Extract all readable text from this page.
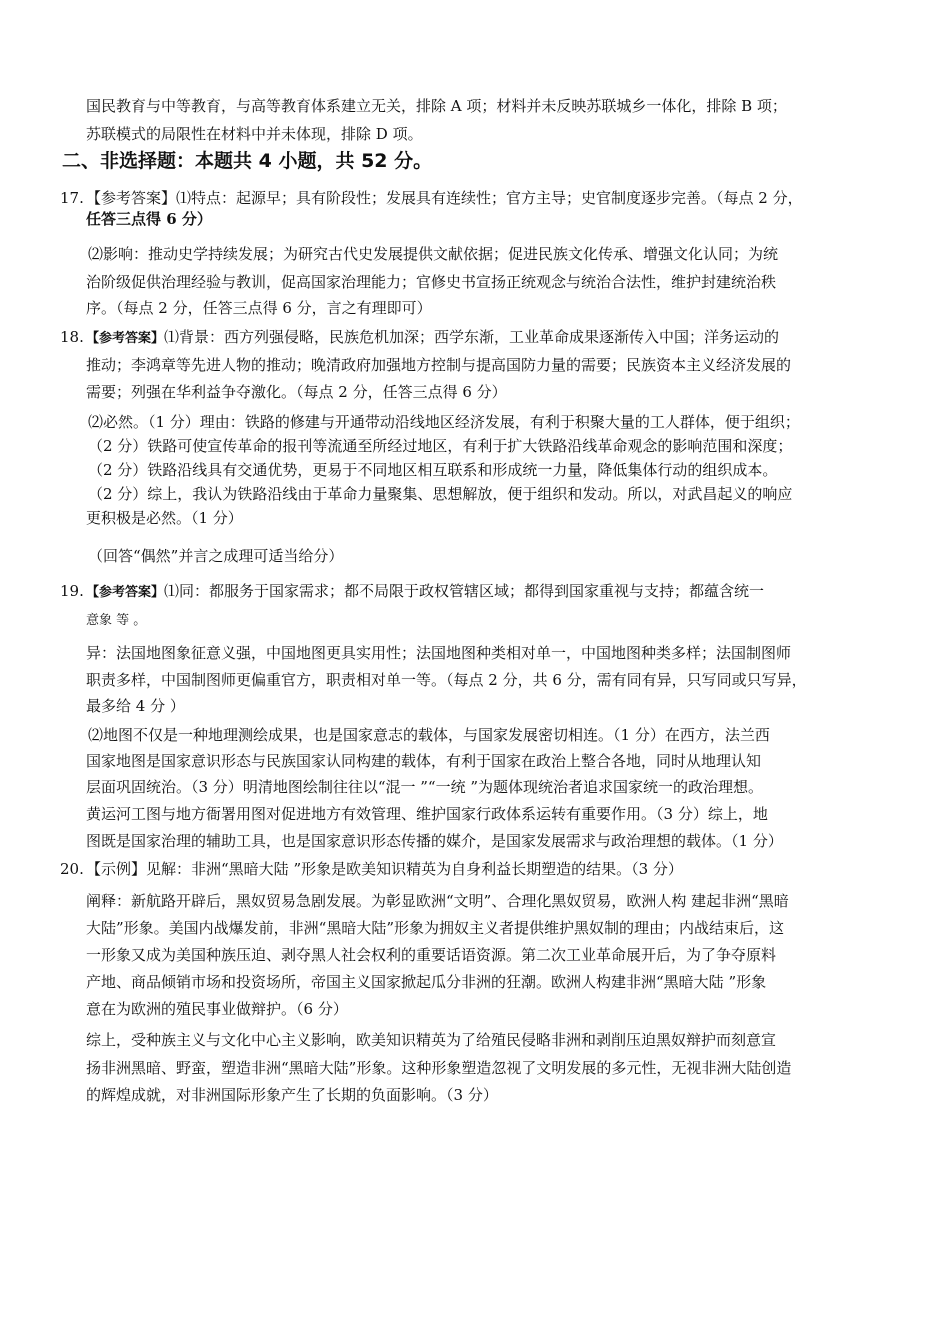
国民教育与中等教育，与高等教育体系建立无关，排除 A 项；材料并未反映苏联城乡一体化，排除 B 项；
苏联模式的局限性在材料中并未体现，排除 D 项。
二、非选择题：本题共 4 小题，共 52 分。
17. 【参考答案】⑴特点：起源早；具有阶段性；发展具有连续性；官方主导；史官制度逐步完善。（每点 2 分，
任答三点得 6 分）
⑵影响：推动史学持续发展；为研究古代史发展提供文献依据；促进民族文化传承、增强文化认同；为统
治阶级促供治理经验与教训，促高国家治理能力；官修史书宣扬正统观念与统治合法性，维护封建统治秩
序。（每点 2 分，任答三点得 6 分，言之有理即可）
18. 【参考答案】⑴背景：西方列强侵略，民族危机加深；西学东渐，工业革命成果逐渐传入中国；洋务运动的
推动；李鸿章等先进人物的推动；晚清政府加强地方控制与提高国防力量的需要；民族资本主义经济发展的
需要；列强在华利益争夺激化。（每点 2 分，任答三点得 6 分）
⑵必然。（1 分）理由：铁路的修建与开通带动沿线地区经济发展，有利于积聚大量的工人群体，便于组织；
（2 分）铁路可使宣传革命的报刊等流通至所经过地区，有利于扩大铁路沿线革命观念的影响范围和深度；
（2 分）铁路沿线具有交通优势，更易于不同地区相互联系和形成统一力量，降低集体行动的组织成本。
（2 分）综上，我认为铁路沿线由于革命力量聚集、思想解放，便于组织和发动。所以，对武昌起义的响应
更积极是必然。（1 分）
（回答“偶然”并言之成理可适当给分）
19. 【参考答案】⑴同：都服务于国家需求；都不局限于政权管辖区域；都得到国家重视与支持；都蕴含统一
意象 等 。
异：法国地图象征意义强，中国地图更具实用性；法国地图种类相对单一，中国地图种类多样；法国制图师
职责多样，中国制图师更偏重官方，职责相对单一等。（每点 2 分，共 6 分，需有同有异，只写同或只写异，
最多给 4 分 ）
⑵地图不仅是一种地理测绘成果，也是国家意志的载体，与国家发展密切相连。（1 分）在西方，法兰西
国家地图是国家意识形态与民族国家认同构建的载体，有利于国家在政治上整合各地，同时从地理认知
层面巩固统治。（3 分）明清地图绘制往往以“混一 ”“一统 ”为题体现统治者追求国家统一的政治理想。
黄运河工图与地方衙署用图对促进地方有效管理、维护国家行政体系运转有重要作用。（3 分）综上，地
图既是国家治理的辅助工具，也是国家意识形态传播的媒介，是国家发展需求与政治理想的载体。（1 分）
20. 【示例】见解：非洲“黑暗大陆 ”形象是欧美知识精英为自身利益长期塑造的结果。（3 分）
阐释：新航路开辟后，黑奴贸易急剧发展。为彰显欧洲“文明”、合理化黑奴贸易，欧洲人构 建起非洲“黑暗
大陆”形象。美国内战爆发前，非洲“黑暗大陆”形象为拥奴主义者提供维护黑奴制的理由；内战结束后，这
一形象又成为美国种族压迫、剥夺黑人社会权利的重要话语资源。第二次工业革命展开后，为了争夺原料
产地、商品倾销市场和投资场所，帝国主义国家掀起瓜分非洲的狂潮。欧洲人构建非洲“黑暗大陆 ”形象
意在为欧洲的殖民事业做辩护。（6 分）
综上，受种族主义与文化中心主义影响，欧美知识精英为了给殖民侵略非洲和剥削压迫黑奴辩护而刻意宣
扬非洲黑暗、野蛮，塑造非洲“黑暗大陆”形象。这种形象塑造忽视了文明发展的多元性，无视非洲大陆创造
的辉煌成就，对非洲国际形象产生了长期的负面影响。（3 分）
